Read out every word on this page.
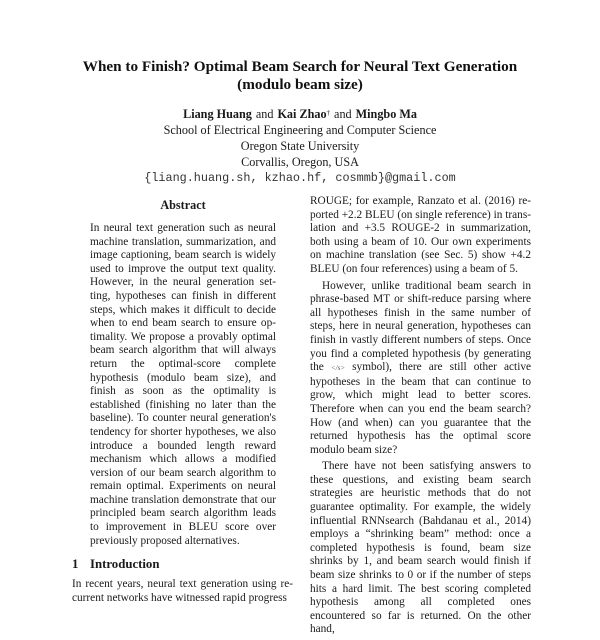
When to Finish? Optimal Beam Search for Neural Text Generation
(modulo beam size)
Liang Huang and Kai Zhao† and Mingbo Ma
School of Electrical Engineering and Computer Science
Oregon State University
Corvallis, Oregon, USA
{liang.huang.sh, kzhao.hf, cosmmb}@gmail.com
Abstract
In neural text generation such as neural machine translation, summarization, and image captioning, beam search is widely used to improve the output text quality. However, in the neural generation setting, hypotheses can finish in different steps, which makes it difficult to decide when to end beam search to ensure optimality. We propose a provably optimal beam search algorithm that will always return the optimal-score complete hypothesis (modulo beam size), and finish as soon as the optimality is established (finishing no later than the baseline). To counter neural generation's tendency for shorter hypotheses, we also introduce a bounded length reward mechanism which allows a modified version of our beam search algorithm to remain optimal. Experiments on neural machine translation demonstrate that our principled beam search algorithm leads to improvement in BLEU score over previously proposed alternatives.
1 Introduction
In recent years, neural text generation using recurrent networks have witnessed rapid progress

ROUGE; for example, Ranzato et al. (2016) reported +2.2 BLEU (on single reference) in translation and +3.5 ROUGE-2 in summarization, both using a beam of 10. Our own experiments on machine translation (see Sec. 5) show +4.2 BLEU (on four references) using a beam of 5.

However, unlike traditional beam search in phrase-based MT or shift-reduce parsing where all hypotheses finish in the same number of steps, here in neural generation, hypotheses can finish in vastly different numbers of steps. Once you find a completed hypothesis (by generating the </s> symbol), there are still other active hypotheses in the beam that can continue to grow, which might lead to better scores. Therefore when can you end the beam search? How (and when) can you guarantee that the returned hypothesis has the optimal score modulo beam size?

There have not been satisfying answers to these questions, and existing beam search strategies are heuristic methods that do not guarantee optimality. For example, the widely influential RNNsearch (Bahdanau et al., 2014) employs a “shrinking beam” method: once a completed hypothesis is found, beam size shrinks by 1, and beam search would finish if beam size shrinks to 0 or if the number of steps hits a hard limit. The best scoring completed hypothesis among all completed ones encountered so far is returned. On the other hand,
